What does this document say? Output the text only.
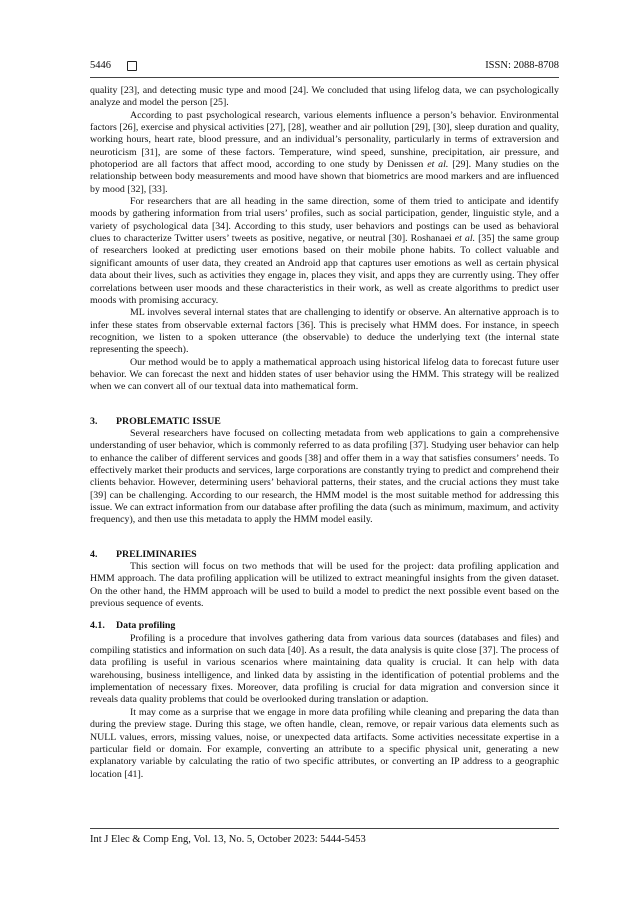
5446	ISSN: 2088-8708

quality [23], and detecting music type and mood [24]. We concluded that using lifelog data, we can psychologically analyze and model the person [25].

According to past psychological research, various elements influence a person’s behavior. Environmental factors [26], exercise and physical activities [27], [28], weather and air pollution [29], [30], sleep duration and quality, working hours, heart rate, blood pressure, and an individual’s personality, particularly in terms of extraversion and neuroticism [31], are some of these factors. Temperature, wind speed, sunshine, precipitation, air pressure, and photoperiod are all factors that affect mood, according to one study by Denissen et al. [29]. Many studies on the relationship between body measurements and mood have shown that biometrics are mood markers and are influenced by mood [32], [33].

For researchers that are all heading in the same direction, some of them tried to anticipate and identify moods by gathering information from trial users’ profiles, such as social participation, gender, linguistic style, and a variety of psychological data [34]. According to this study, user behaviors and postings can be used as behavioral clues to characterize Twitter users’ tweets as positive, negative, or neutral [30]. Roshanaei et al. [35] the same group of researchers looked at predicting user emotions based on their mobile phone habits. To collect valuable and significant amounts of user data, they created an Android app that captures user emotions as well as certain physical data about their lives, such as activities they engage in, places they visit, and apps they are currently using. They offer correlations between user moods and these characteristics in their work, as well as create algorithms to predict user moods with promising accuracy.

ML involves several internal states that are challenging to identify or observe. An alternative approach is to infer these states from observable external factors [36]. This is precisely what HMM does. For instance, in speech recognition, we listen to a spoken utterance (the observable) to deduce the underlying text (the internal state representing the speech).

Our method would be to apply a mathematical approach using historical lifelog data to forecast future user behavior. We can forecast the next and hidden states of user behavior using the HMM. This strategy will be realized when we can convert all of our textual data into mathematical form.

3. PROBLEMATIC ISSUE

Several researchers have focused on collecting metadata from web applications to gain a comprehensive understanding of user behavior, which is commonly referred to as data profiling [37]. Studying user behavior can help to enhance the caliber of different services and goods [38] and offer them in a way that satisfies consumers’ needs. To effectively market their products and services, large corporations are constantly trying to predict and comprehend their clients behavior. However, determining users’ behavioral patterns, their states, and the crucial actions they must take [39] can be challenging. According to our research, the HMM model is the most suitable method for addressing this issue. We can extract information from our database after profiling the data (such as minimum, maximum, and activity frequency), and then use this metadata to apply the HMM model easily.

4. PRELIMINARIES

This section will focus on two methods that will be used for the project: data profiling application and HMM approach. The data profiling application will be utilized to extract meaningful insights from the given dataset. On the other hand, the HMM approach will be used to build a model to predict the next possible event based on the previous sequence of events.

4.1. Data profiling

Profiling is a procedure that involves gathering data from various data sources (databases and files) and compiling statistics and information on such data [40]. As a result, the data analysis is quite close [37]. The process of data profiling is useful in various scenarios where maintaining data quality is crucial. It can help with data warehousing, business intelligence, and linked data by assisting in the identification of potential problems and the implementation of necessary fixes. Moreover, data profiling is crucial for data migration and conversion since it reveals data quality problems that could be overlooked during translation or adaption.

It may come as a surprise that we engage in more data profiling while cleaning and preparing the data than during the preview stage. During this stage, we often handle, clean, remove, or repair various data elements such as NULL values, errors, missing values, noise, or unexpected data artifacts. Some activities necessitate expertise in a particular field or domain. For example, converting an attribute to a specific physical unit, generating a new explanatory variable by calculating the ratio of two specific attributes, or converting an IP address to a geographic location [41].

Int J Elec & Comp Eng, Vol. 13, No. 5, October 2023: 5444-5453
